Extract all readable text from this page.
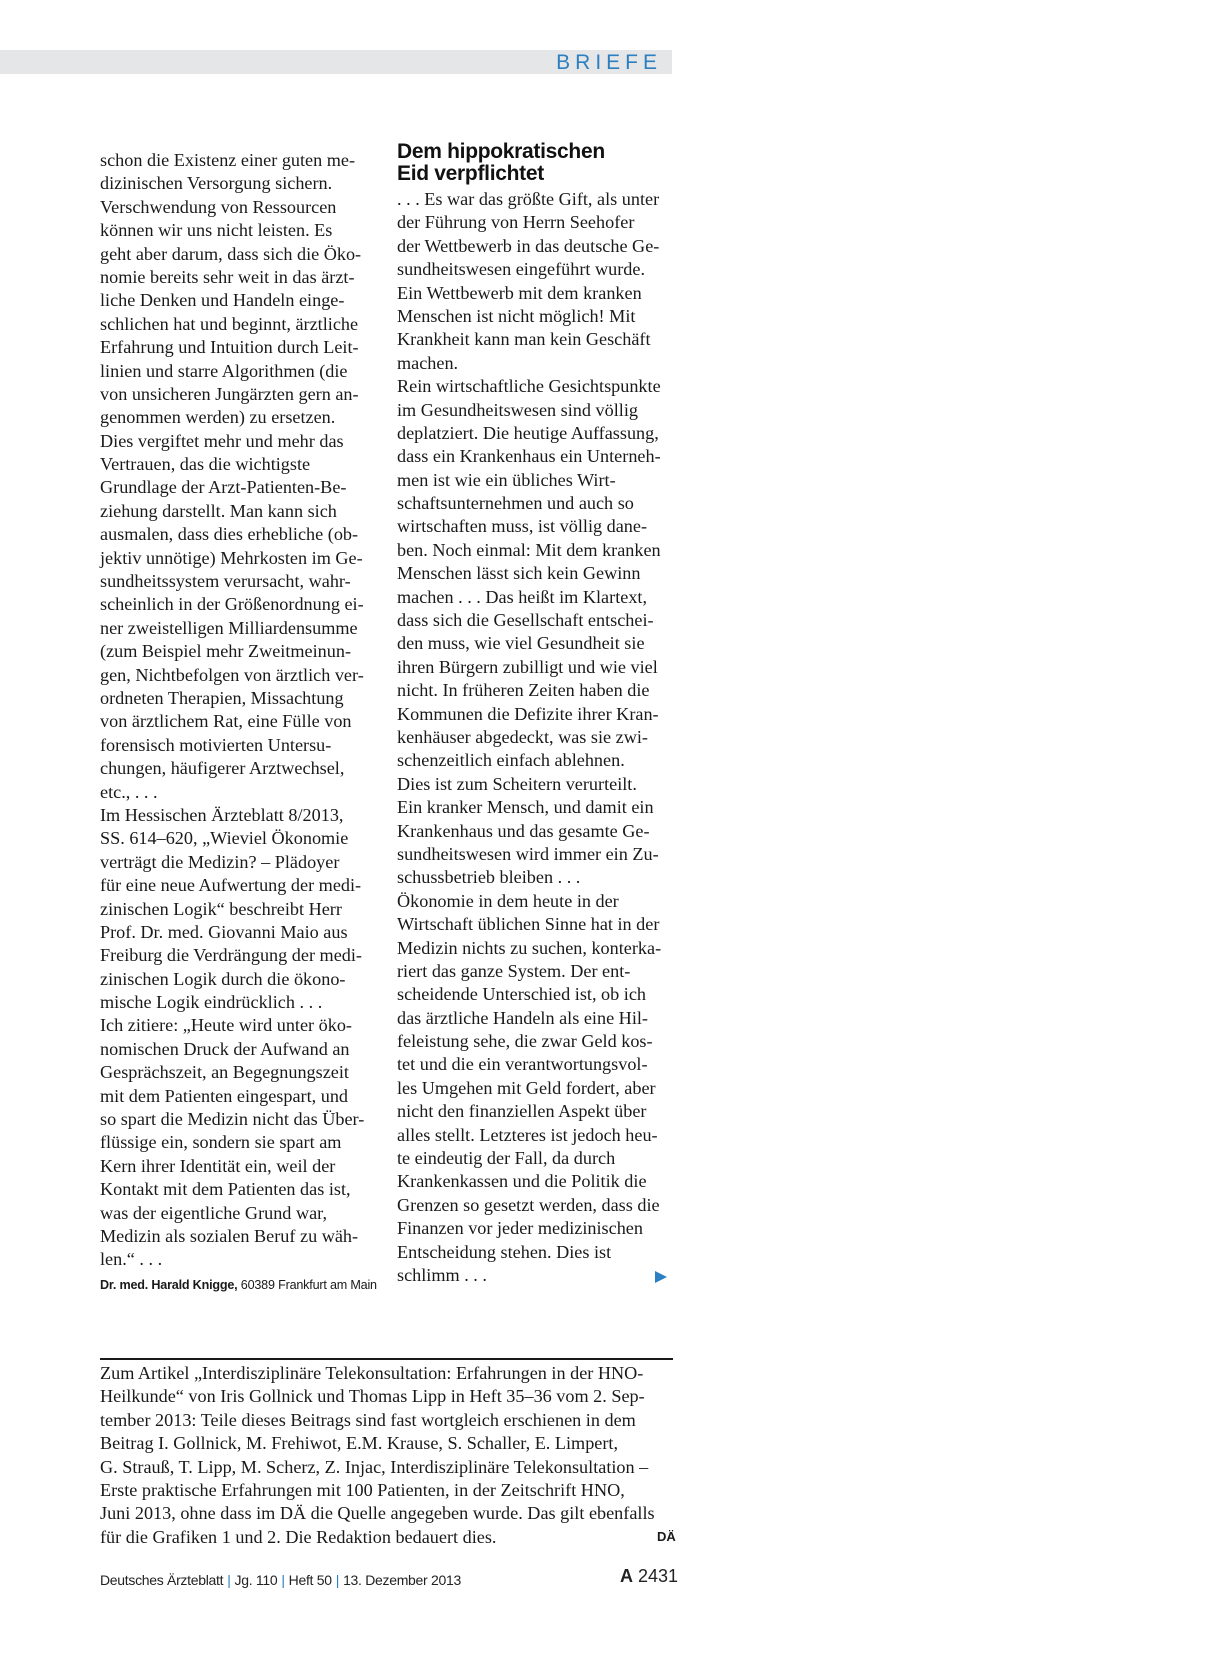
BRIEFE
schon die Existenz einer guten me-
dizinischen Versorgung sichern.
Verschwendung von Ressourcen
können wir uns nicht leisten. Es
geht aber darum, dass sich die Öko-
nomie bereits sehr weit in das ärzt-
liche Denken und Handeln einge-
schlichen hat und beginnt, ärztliche
Erfahrung und Intuition durch Leit-
linien und starre Algorithmen (die
von unsicheren Jungärzten gern an-
genommen werden) zu ersetzen.
Dies vergiftet mehr und mehr das
Vertrauen, das die wichtigste
Grundlage der Arzt-Patienten-Be-
ziehung darstellt. Man kann sich
ausmalen, dass dies erhebliche (ob-
jektiv unnötige) Mehrkosten im Ge-
sundheitssystem verursacht, wahr-
scheinlich in der Größenordnung ei-
ner zweistelligen Milliardensumme
(zum Beispiel mehr Zweitmeinun-
gen, Nichtbefolgen von ärztlich ver-
ordneten Therapien, Missachtung
von ärztlichem Rat, eine Fülle von
forensisch motivierten Untersu-
chungen, häufigerer Arztwechsel,
etc., . . .
Im Hessischen Ärzteblatt 8/2013,
SS. 614–620, „Wieviel Ökonomie
verträgt die Medizin? – Plädoyer
für eine neue Aufwertung der medi-
zinischen Logik“ beschreibt Herr
Prof. Dr. med. Giovanni Maio aus
Freiburg die Verdrängung der medi-
zinischen Logik durch die ökono-
mische Logik eindrücklich . . .
Ich zitiere: „Heute wird unter öko-
nomischen Druck der Aufwand an
Gesprächszeit, an Begegnungszeit
mit dem Patienten eingespart, und
so spart die Medizin nicht das Über-
flüssige ein, sondern sie spart am
Kern ihrer Identität ein, weil der
Kontakt mit dem Patienten das ist,
was der eigentliche Grund war,
Medizin als sozialen Beruf zu wäh-
len.“ . . .
Dr. med. Harald Knigge, 60389 Frankfurt am Main
Dem hippokratischen
Eid verpflichtet
. . . Es war das größte Gift, als unter
der Führung von Herrn Seehofer
der Wettbewerb in das deutsche Ge-
sundheitswesen eingeführt wurde.
Ein Wettbewerb mit dem kranken
Menschen ist nicht möglich! Mit
Krankheit kann man kein Geschäft
machen.
Rein wirtschaftliche Gesichtspunkte
im Gesundheitswesen sind völlig
deplatziert. Die heutige Auffassung,
dass ein Krankenhaus ein Unterneh-
men ist wie ein übliches Wirt-
schaftsunternehmen und auch so
wirtschaften muss, ist völlig dane-
ben. Noch einmal: Mit dem kranken
Menschen lässt sich kein Gewinn
machen . . . Das heißt im Klartext,
dass sich die Gesellschaft entschei-
den muss, wie viel Gesundheit sie
ihren Bürgern zubilligt und wie viel
nicht. In früheren Zeiten haben die
Kommunen die Defizite ihrer Kran-
kenhäuser abgedeckt, was sie zwi-
schenzeitlich einfach ablehnen.
Dies ist zum Scheitern verurteilt.
Ein kranker Mensch, und damit ein
Krankenhaus und das gesamte Ge-
sundheitswesen wird immer ein Zu-
schussbetrieb bleiben . . .
Ökonomie in dem heute in der
Wirtschaft üblichen Sinne hat in der
Medizin nichts zu suchen, konterka-
riert das ganze System. Der ent-
scheidende Unterschied ist, ob ich
das ärztliche Handeln als eine Hil-
feleistung sehe, die zwar Geld kos-
tet und die ein verantwortungsvol-
les Umgehen mit Geld fordert, aber
nicht den finanziellen Aspekt über
alles stellt. Letzteres ist jedoch heu-
te eindeutig der Fall, da durch
Krankenkassen und die Politik die
Grenzen so gesetzt werden, dass die
Finanzen vor jeder medizinischen
Entscheidung stehen. Dies ist
schlimm . . .
Zum Artikel „Interdisziplinäre Telekonsultation: Erfahrungen in der HNO-
Heilkunde“ von Iris Gollnick und Thomas Lipp in Heft 35–36 vom 2. Sep-
tember 2013: Teile dieses Beitrags sind fast wortgleich erschienen in dem
Beitrag I. Gollnick, M. Frehiwot, E.M. Krause, S. Schaller, E. Limpert,
G. Strauß, T. Lipp, M. Scherz, Z. Injac, Interdisziplinäre Telekonsultation –
Erste praktische Erfahrungen mit 100 Patienten, in der Zeitschrift HNO,
Juni 2013, ohne dass im DÄ die Quelle angegeben wurde. Das gilt ebenfalls
für die Grafiken 1 und 2. Die Redaktion bedauert dies.	DÄ
Deutsches Ärzteblatt | Jg. 110 | Heft 50 | 13. Dezember 2013	A 2431
